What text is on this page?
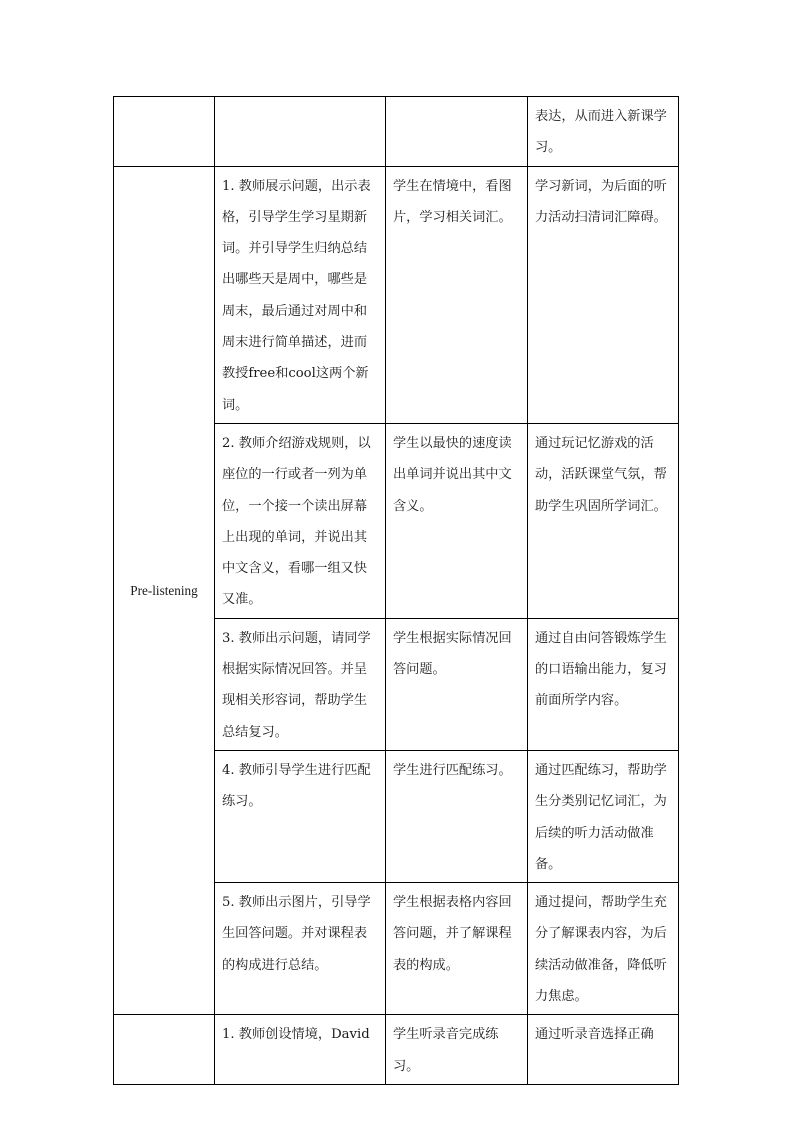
			表达，从而进入新课学习。

Pre-listening	1. 教师展示问题，出示表格，引导学生学习星期新词。并引导学生归纳总结出哪些天是周中，哪些是周末，最后通过对周中和周末进行简单描述，进而教授free和cool这两个新词。	学生在情境中，看图片，学习相关词汇。	学习新词，为后面的听力活动扫清词汇障碍。

	2. 教师介绍游戏规则，以座位的一行或者一列为单位，一个接一个读出屏幕上出现的单词，并说出其中文含义，看哪一组又快又准。	学生以最快的速度读出单词并说出其中文含义。	通过玩记忆游戏的活动，活跃课堂气氛，帮助学生巩固所学词汇。

	3. 教师出示问题，请同学根据实际情况回答。并呈现相关形容词，帮助学生总结复习。	学生根据实际情况回答问题。	通过自由问答锻炼学生的口语输出能力，复习前面所学内容。

	4. 教师引导学生进行匹配练习。	学生进行匹配练习。	通过匹配练习，帮助学生分类别记忆词汇，为后续的听力活动做准备。

	5. 教师出示图片，引导学生回答问题。并对课程表的构成进行总结。	学生根据表格内容回答问题，并了解课程表的构成。	通过提问，帮助学生充分了解课表内容，为后续活动做准备，降低听力焦虑。

	1. 教师创设情境，David	学生听录音完成练习。	通过听录音选择正确
